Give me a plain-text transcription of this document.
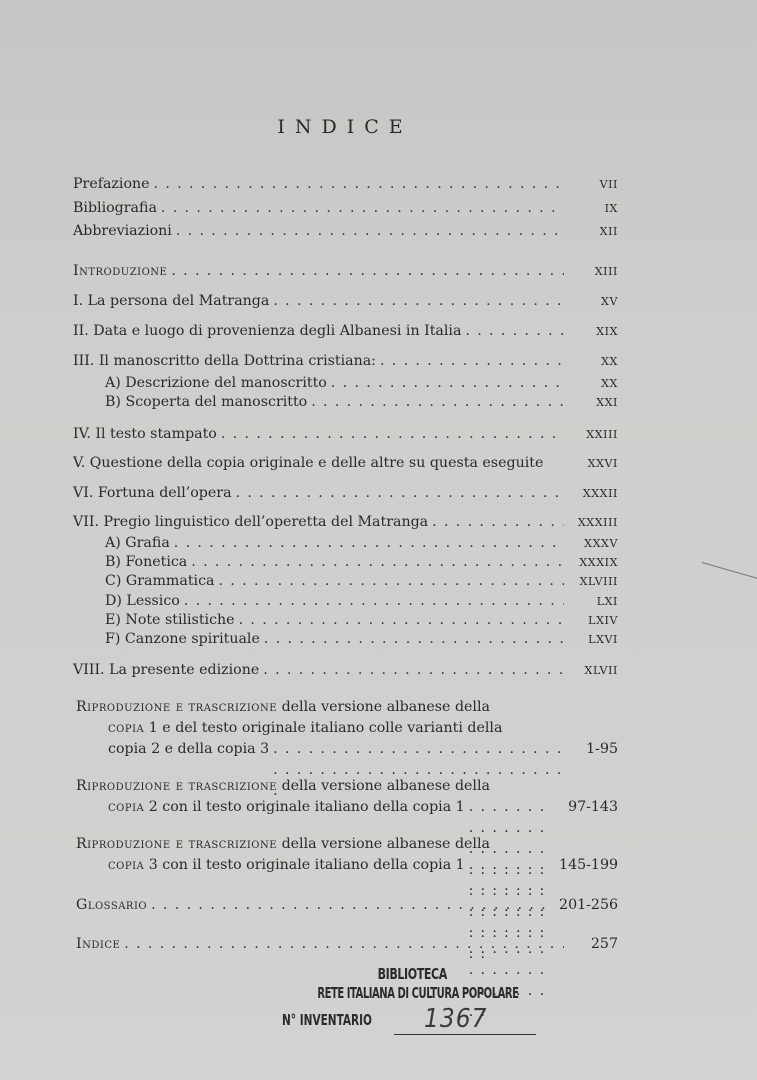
INDICE
Prefazione . . .	VII
Bibliografia . . .	IX
Abbreviazioni . . .	XII
Introduzione . . .	XIII
I. La persona del Matranga . . .	XV
II. Data e luogo di provenienza degli Albanesi in Italia . . .	XIX
III. Il manoscritto della Dottrina cristiana: . . .	XX
A) Descrizione del manoscritto . . .	XX
B) Scoperta del manoscritto . . .	XXI
IV. Il testo stampato . . .	XXIII
V. Questione della copia originale e delle altre su questa eseguite	XXVI
VI. Fortuna dell’opera . . .	XXXII
VII. Pregio linguistico dell’operetta del Matranga . . .	XXXIII
A) Grafia . . .	XXXV
B) Fonetica . . .	XXXIX
C) Grammatica . . .	XLVIII
D) Lessico . . .	LXI
E) Note stilistiche . . .	LXIV
F) Canzone spirituale . . .	LXVI
VIII. La presente edizione . . .	XLVII
Riproduzione e trascrizione della versione albanese della
copia 1 e del testo originale italiano colle varianti della
copia 2 e della copia 3 . . .	1-95
Riproduzione e trascrizione della versione albanese della
copia 2 con il testo originale italiano della copia 1 . . .	97-143
Riproduzione e trascrizione della versione albanese della
copia 3 con il testo originale italiano della copia 1 . . .	145-199
Glossario . . .	201-256
Indice . . .	257
BIBLIOTECA
RETE ITALIANA DI CULTURA POPOLARE
N° INVENTARIO 1367
